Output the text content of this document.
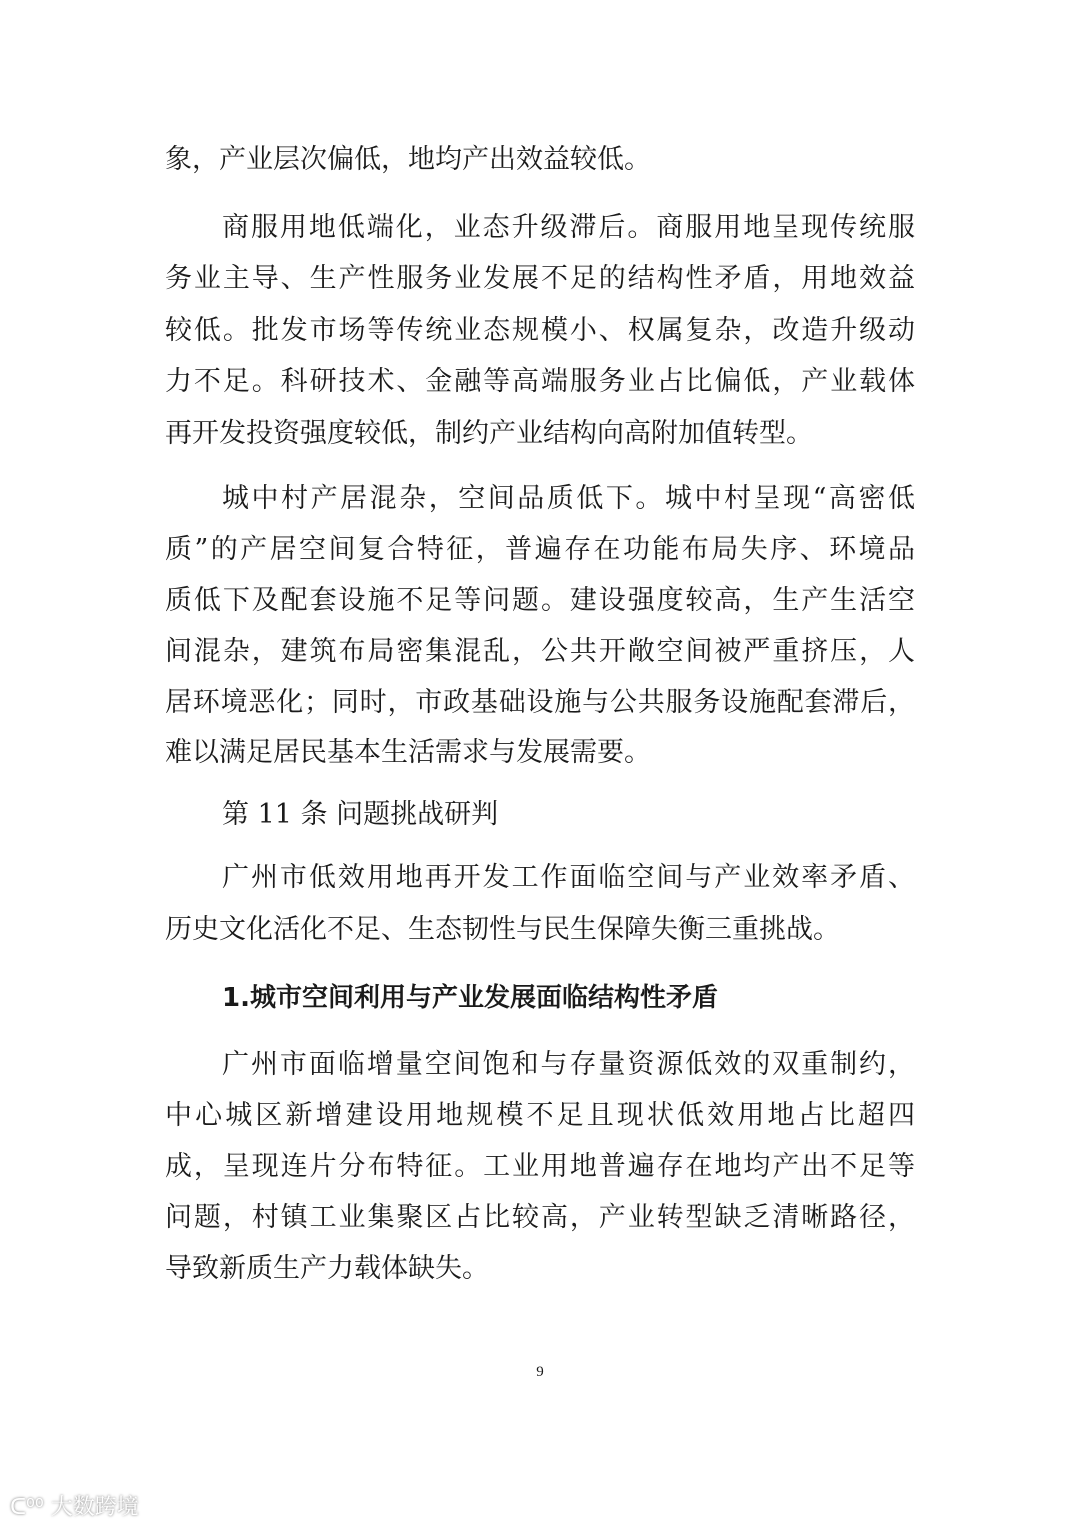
象，产业层次偏低，地均产出效益较低。
商服用地低端化，业态升级滞后。商服用地呈现传统服
务业主导、生产性服务业发展不足的结构性矛盾，用地效益
较低。批发市场等传统业态规模小、权属复杂，改造升级动
力不足。科研技术、金融等高端服务业占比偏低，产业载体
再开发投资强度较低，制约产业结构向高附加值转型。
城中村产居混杂，空间品质低下。城中村呈现“高密低
质”的产居空间复合特征，普遍存在功能布局失序、环境品
质低下及配套设施不足等问题。建设强度较高，生产生活空
间混杂，建筑布局密集混乱，公共开敞空间被严重挤压，人
居环境恶化；同时，市政基础设施与公共服务设施配套滞后，
难以满足居民基本生活需求与发展需要。
第 11 条 问题挑战研判
广州市低效用地再开发工作面临空间与产业效率矛盾、
历史文化活化不足、生态韧性与民生保障失衡三重挑战。
1.城市空间利用与产业发展面临结构性矛盾
广州市面临增量空间饱和与存量资源低效的双重制约，
中心城区新增建设用地规模不足且现状低效用地占比超四
成，呈现连片分布特征。工业用地普遍存在地均产出不足等
问题，村镇工业集聚区占比较高，产业转型缺乏清晰路径，
导致新质生产力载体缺失。
9
ᑕ⁰⁰ 大数跨境
